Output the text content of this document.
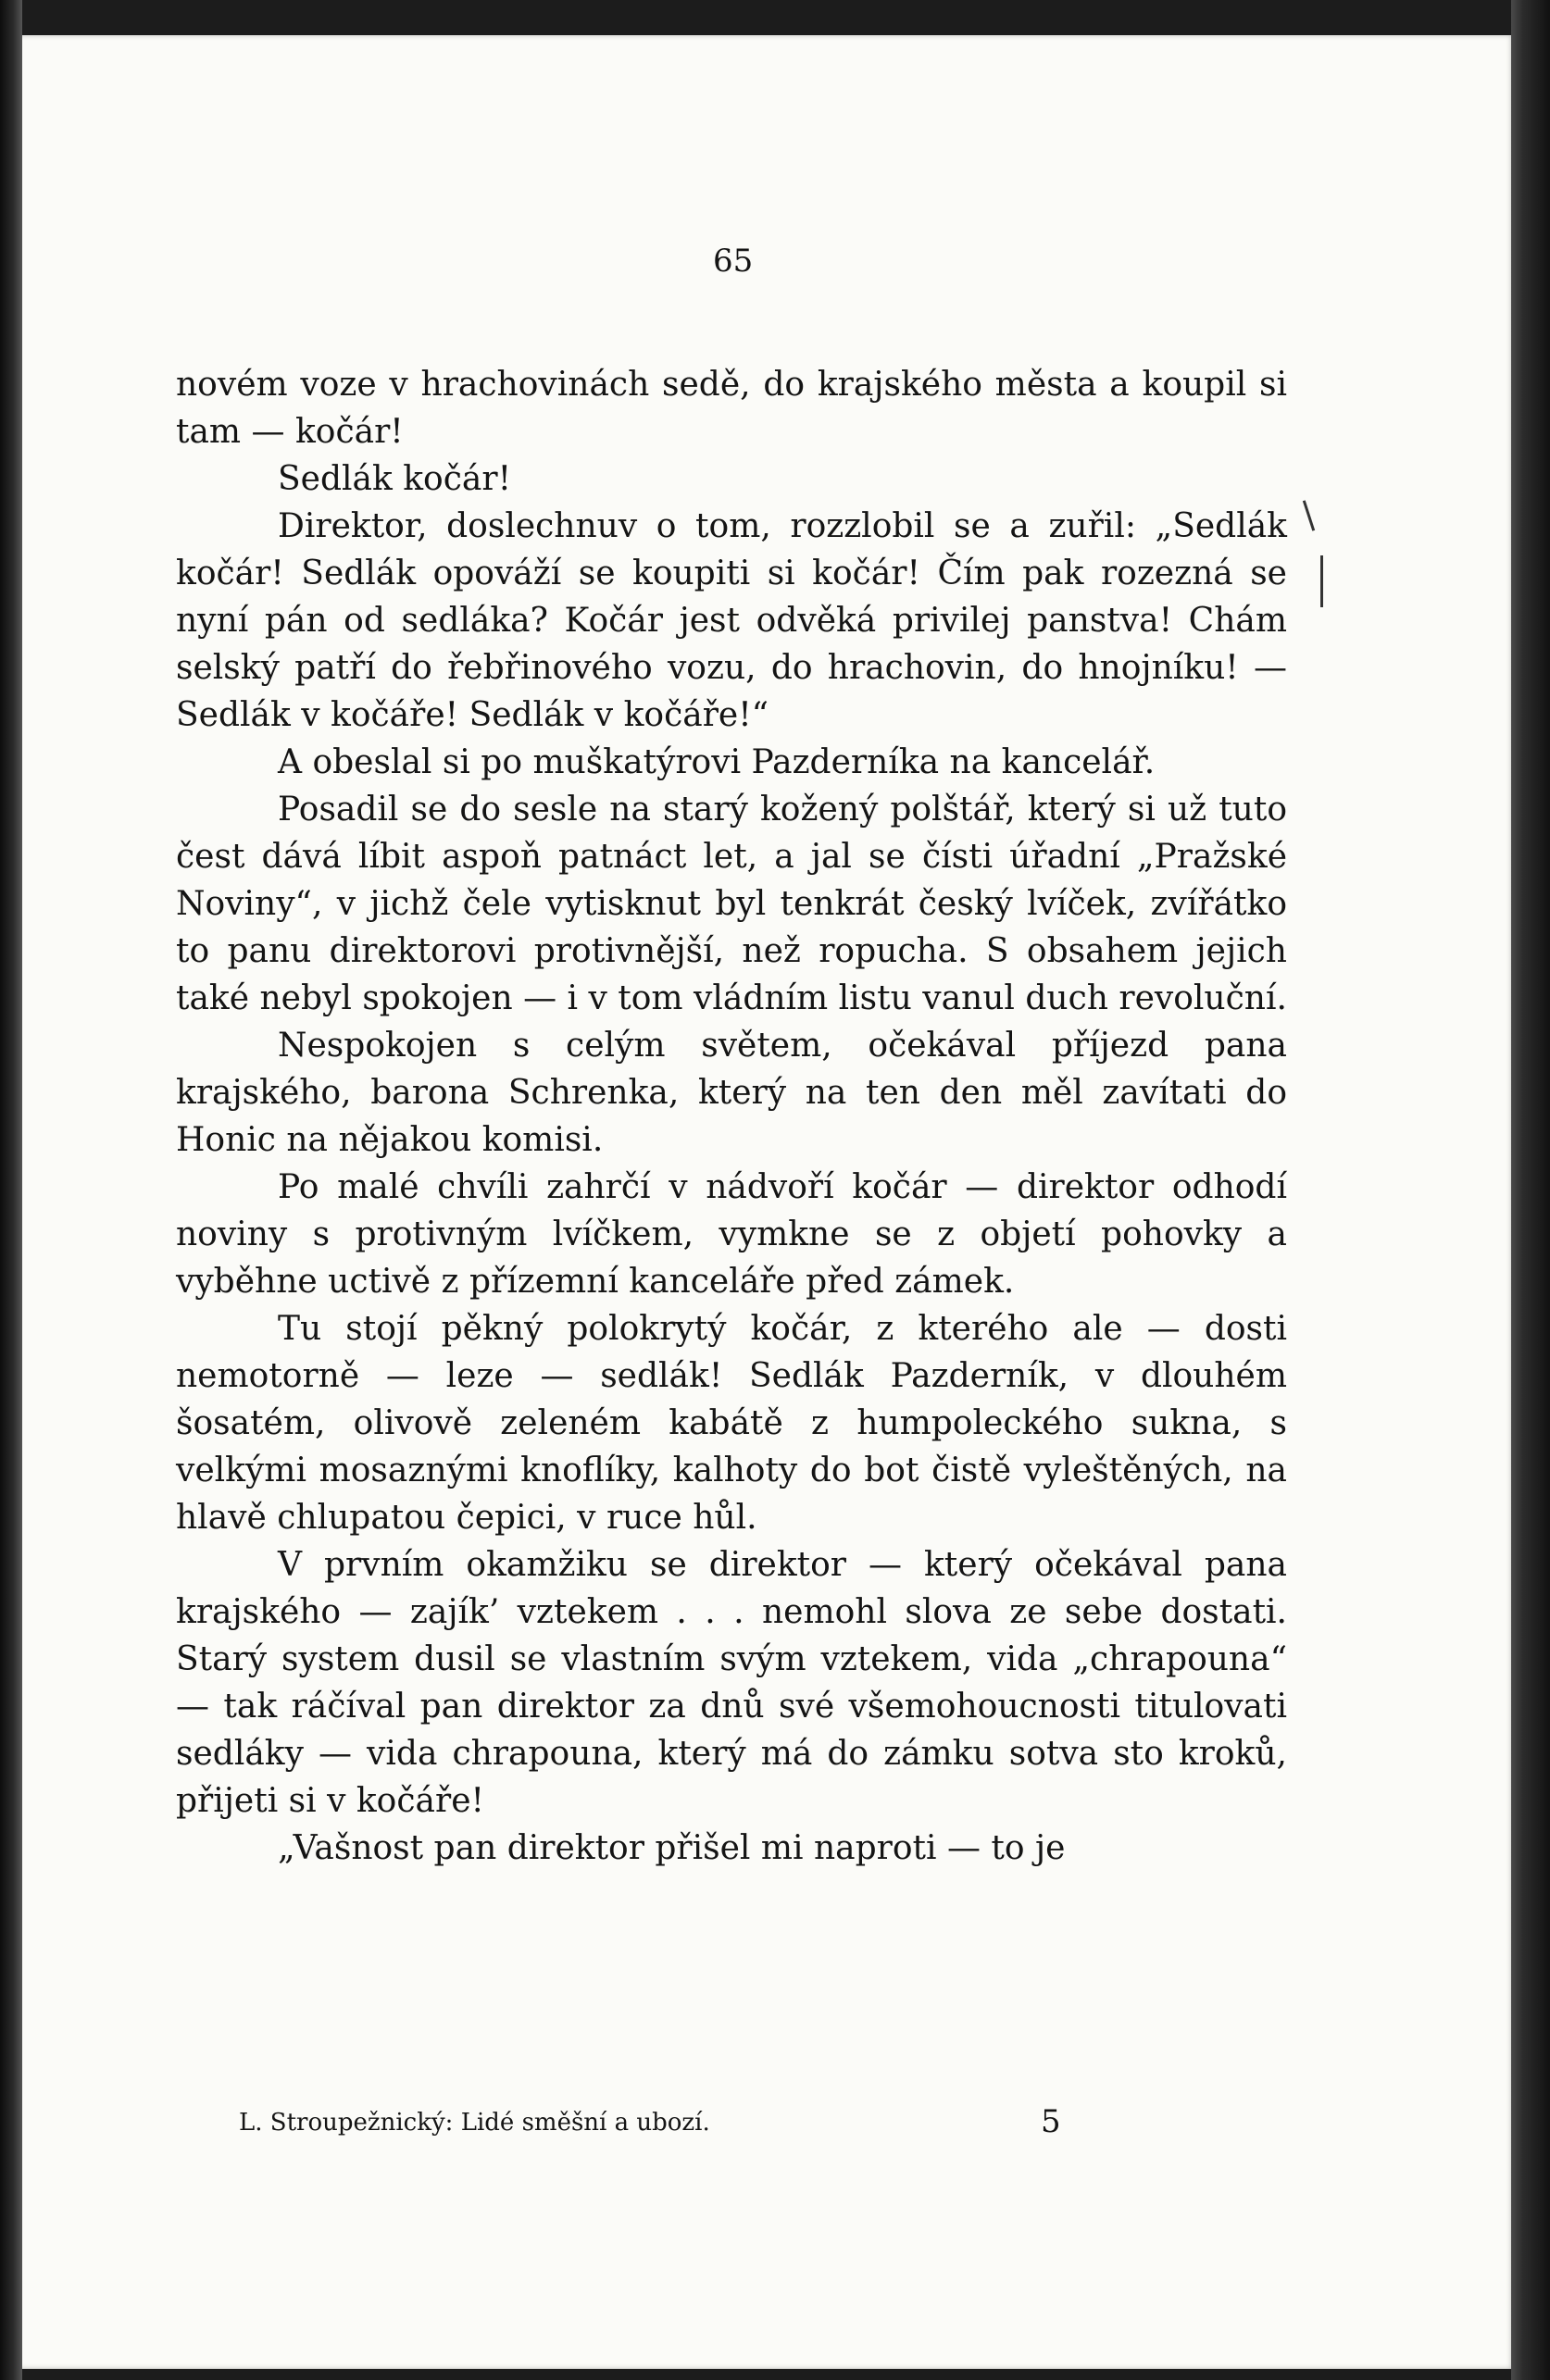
65

novém voze v hrachovinách sedě, do krajského města a koupil si tam — kočár!

Sedlák kočár!

Direktor, doslechnuv o tom, rozzlobil se a zuřil: „Sedlák kočár! Sedlák opováží se koupiti si kočár! Čím pak rozezná se nyní pán od sedláka? Kočár jest odvěká privilej panstva! Chám selský patří do řebřinového vozu, do hrachovin, do hnojníku! — Sedlák v kočáře! Sedlák v kočáře!“

A obeslal si po muškatýrovi Pazderníka na kancelář.

Posadil se do sesle na starý kožený polštář, který si už tuto čest dává líbit aspoň patnáct let, a jal se čísti úřadní „Pražské Noviny“, v jichž čele vytisknut byl tenkrát český lvíček, zvířátko to panu direktorovi protivnější, než ropucha. S obsahem jejich také nebyl spokojen — i v tom vládním listu vanul duch revoluční.

Nespokojen s celým světem, očekával příjezd pana krajského, barona Schrenka, který na ten den měl zavítati do Honic na nějakou komisi.

Po malé chvíli zahrčí v nádvoří kočár — direktor odhodí noviny s protivným lvíčkem, vymkne se z objetí pohovky a vyběhne uctivě z přízemní kanceláře před zámek.

Tu stojí pěkný polokrytý kočár, z kterého ale — dosti nemotorně — leze — sedlák! Sedlák Pazderník, v dlouhém šosatém, olivově zeleném kabátě z humpoleckého sukna, s velkými mosaznými knoflíky, kalhoty do bot čistě vyleštěných, na hlavě chlupatou čepici, v ruce hůl.

V prvním okamžiku se direktor — který očekával pana krajského — zajík’ vztekem . . . nemohl slova ze sebe dostati. Starý system dusil se vlastním svým vztekem, vida „chrapouna“ — tak ráčíval pan direktor za dnů své všemohoucnosti titulovati sedláky — vida chrapouna, který má do zámku sotva sto kroků, přijeti si v kočáře!

„Vašnost pan direktor přišel mi naproti — to je

L. Stroupežnický: Lidé směšní a ubozí.	5
